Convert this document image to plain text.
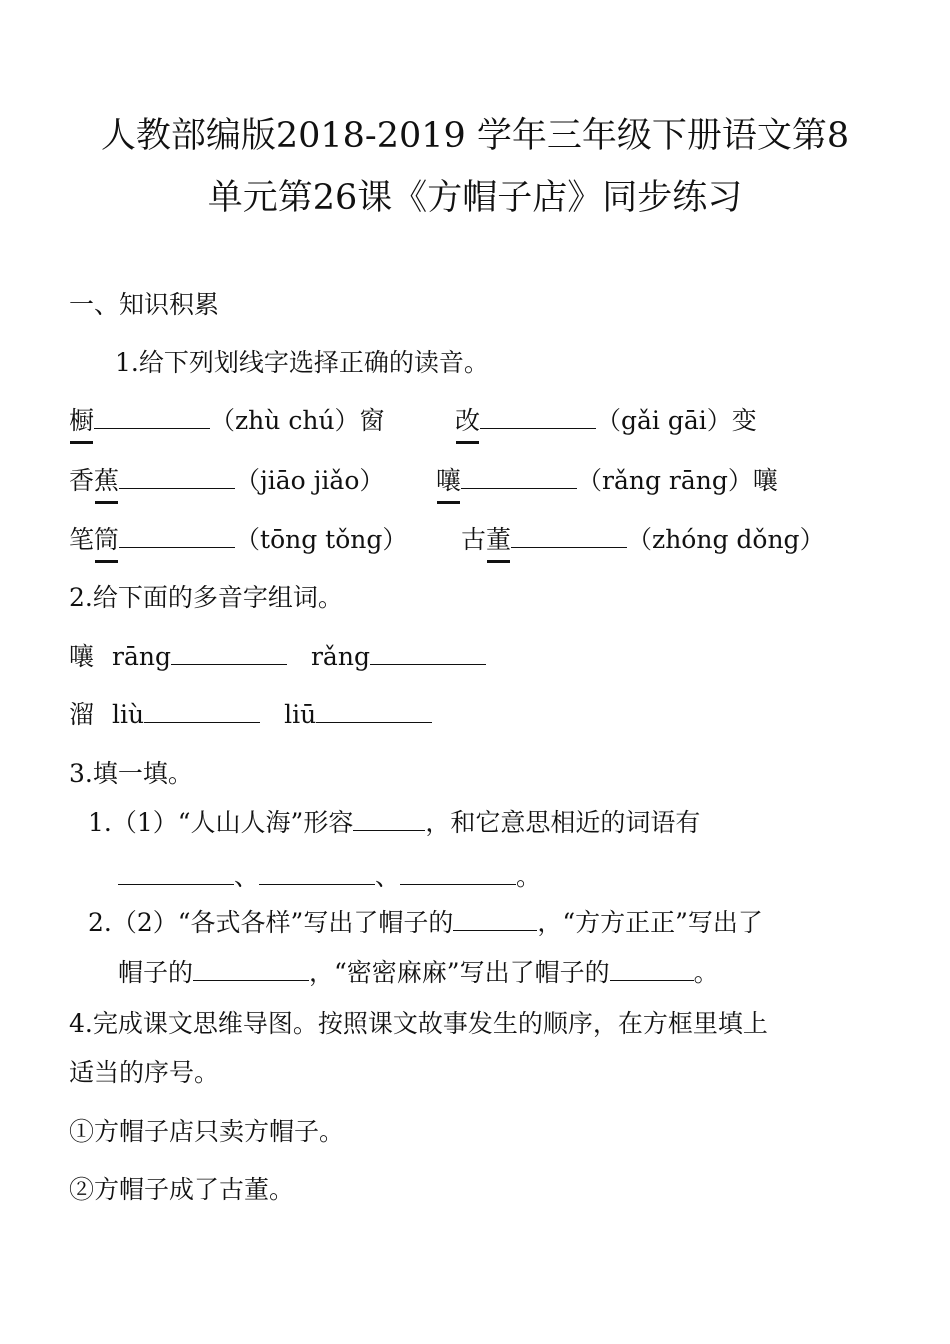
人教部编版2018-2019 学年三年级下册语文第8
单元第26课《方帽子店》同步练习
一、知识积累
1.给下列划线字选择正确的读音。
橱	（zhù chú）窗	改	（gǎi gāi）变
香蕉	（jiāo jiǎo） 嚷	（rǎng rāng）嚷
笔筒	（tōng tǒng） 古董	（zhóng dǒng）
2.给下面的多音字组词。
嚷 rāng	rǎng
溜 liù	liū
3.填一填。
1.（1）“人山人海”形容	，和它意思相近的词语有
、	、	。
2.（2）“各式各样”写出了帽子的	，“方方正正”写出了
帽子的	，“密密麻麻”写出了帽子的	。
4.完成课文思维导图。按照课文故事发生的顺序，在方框里填上
适当的序号。
①方帽子店只卖方帽子。
②方帽子成了古董。
